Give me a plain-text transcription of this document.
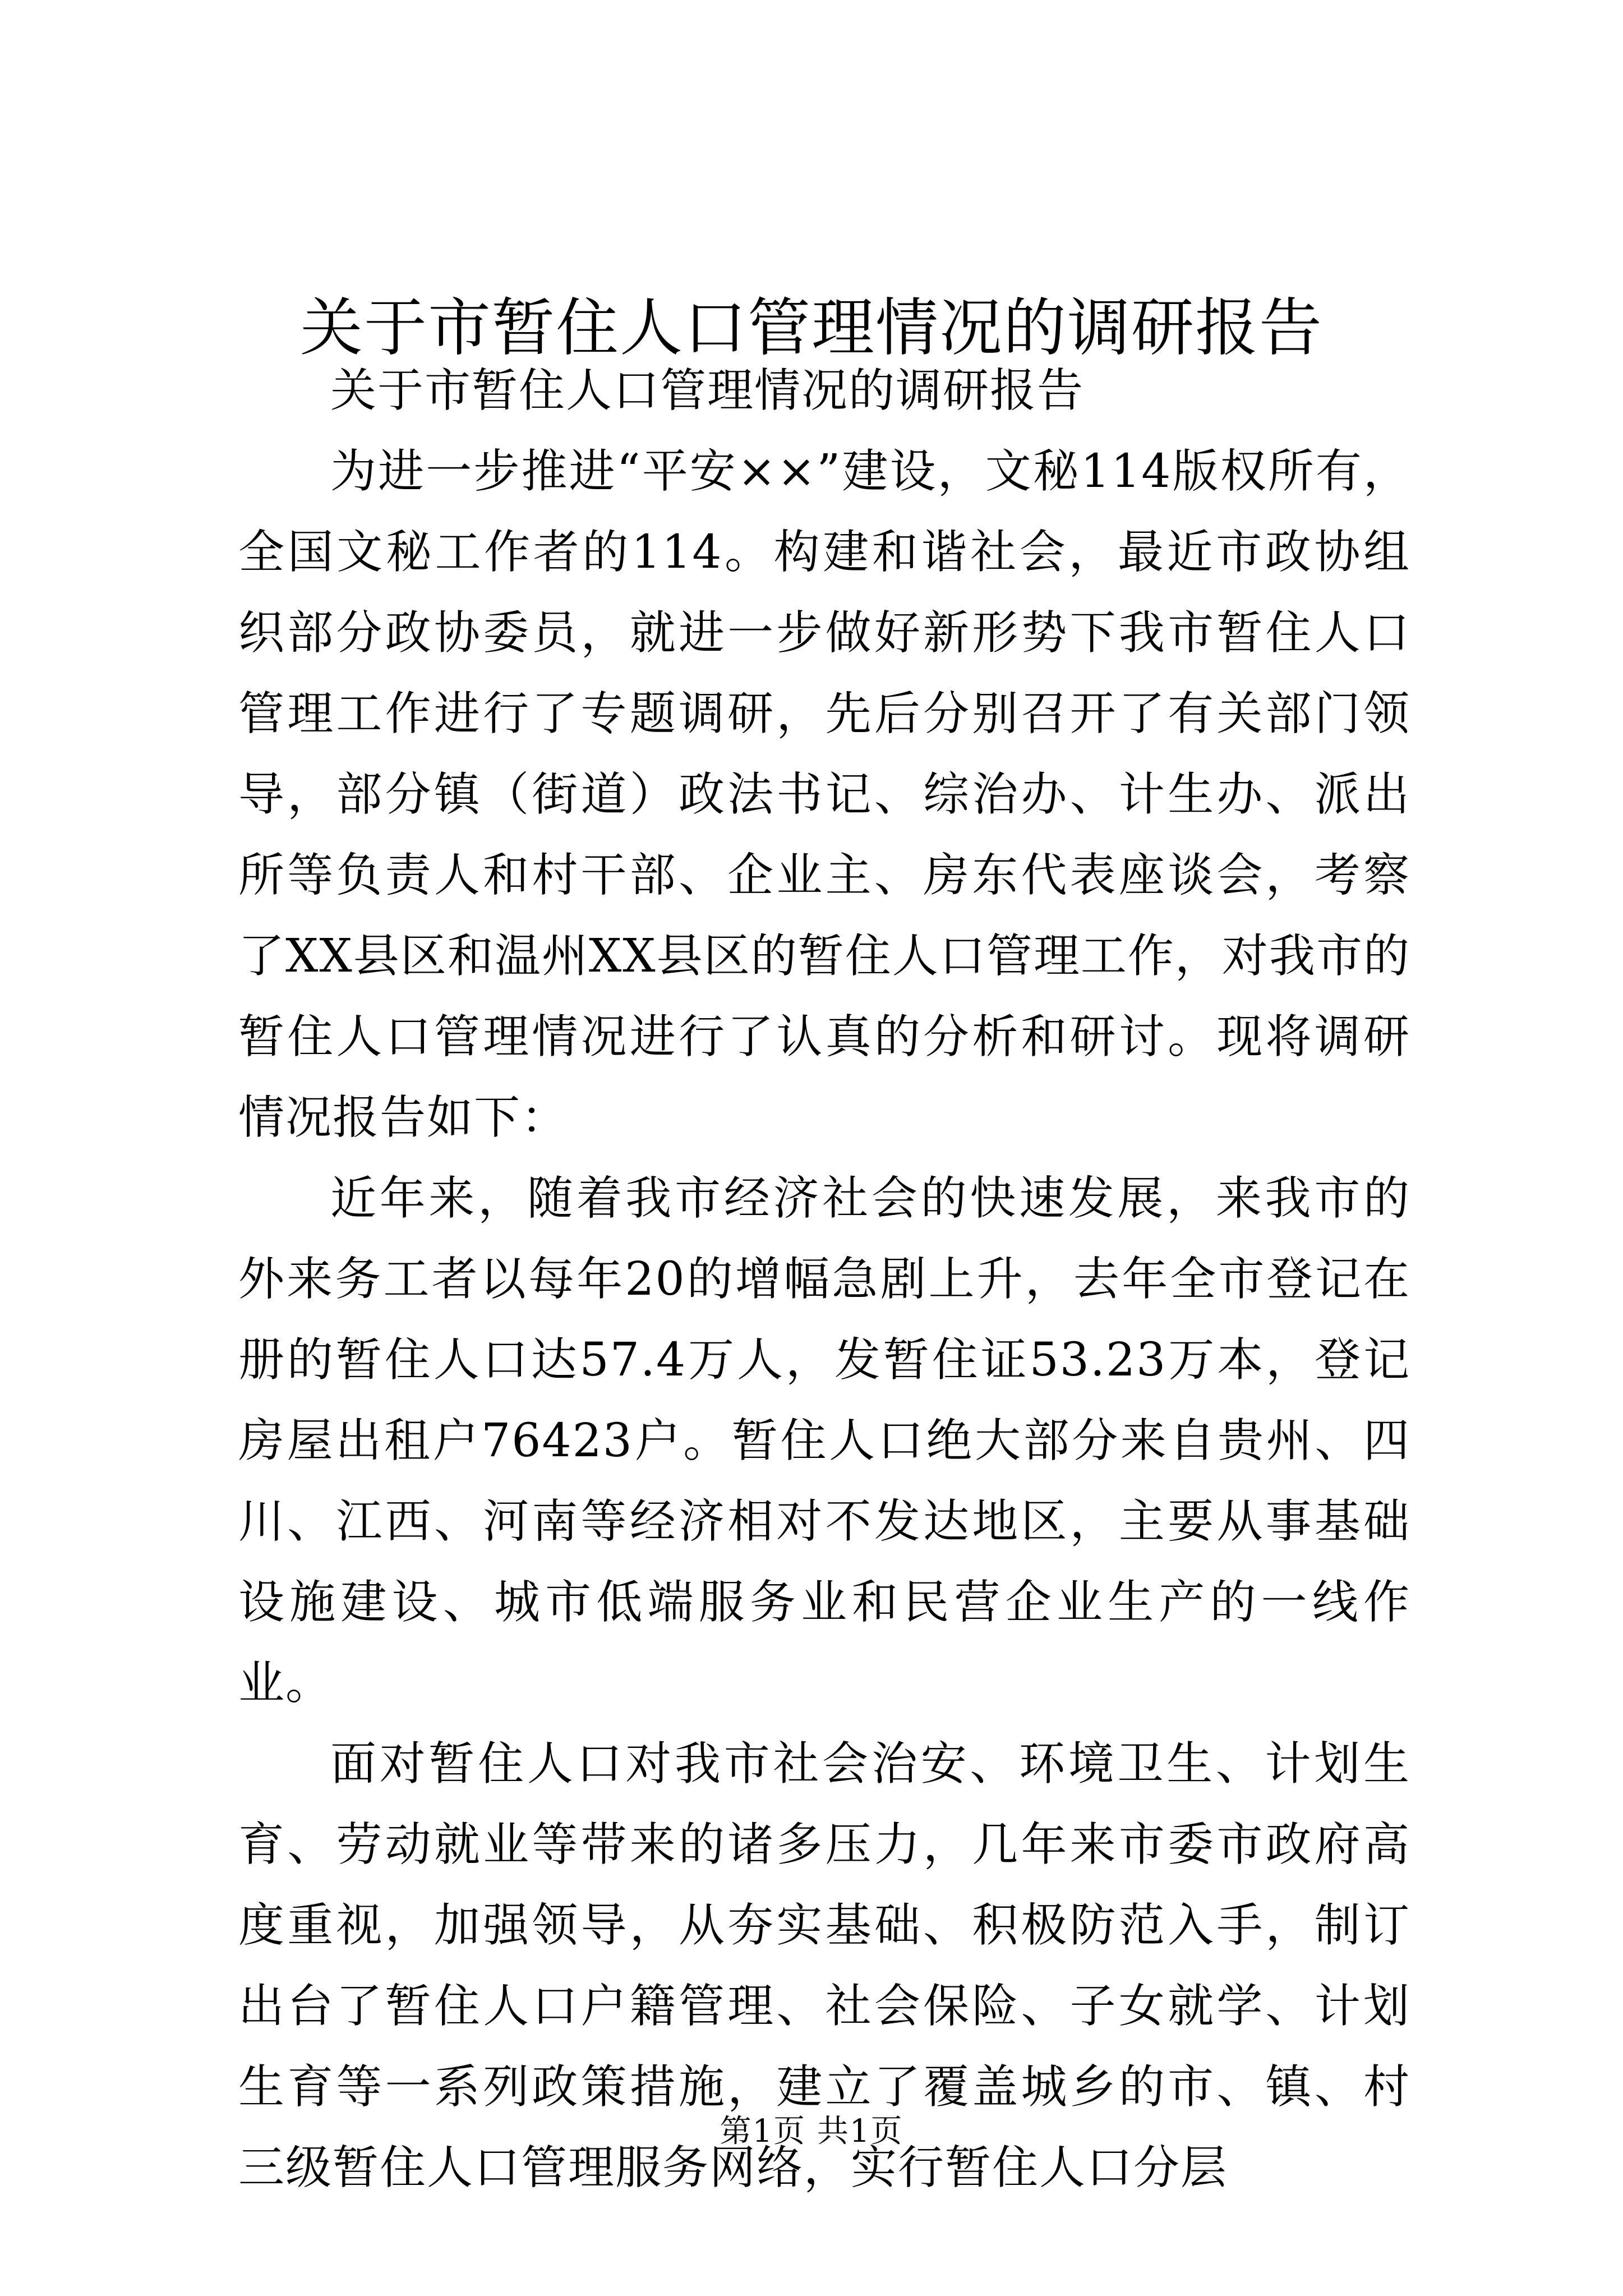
关于市暂住人口管理情况的调研报告

关于市暂住人口管理情况的调研报告

为进一步推进“平安××”建设，文秘114版权所有，全国文秘工作者的114。构建和谐社会，最近市政协组织部分政协委员，就进一步做好新形势下我市暂住人口管理工作进行了专题调研，先后分别召开了有关部门领导，部分镇（街道）政法书记、综治办、计生办、派出所等负责人和村干部、企业主、房东代表座谈会，考察了XX县区和温州XX县区的暂住人口管理工作，对我市的暂住人口管理情况进行了认真的分析和研讨。现将调研情况报告如下：

近年来，随着我市经济社会的快速发展，来我市的外来务工者以每年20的增幅急剧上升，去年全市登记在册的暂住人口达57.4万人，发暂住证53.23万本，登记房屋出租户76423户。暂住人口绝大部分来自贵州、四川、江西、河南等经济相对不发达地区，主要从事基础设施建设、城市低端服务业和民营企业生产的一线作业。

面对暂住人口对我市社会治安、环境卫生、计划生育、劳动就业等带来的诸多压力，几年来市委市政府高度重视，加强领导，从夯实基础、积极防范入手，制订出台了暂住人口户籍管理、社会保险、子女就学、计划生育等一系列政策措施，建立了覆盖城乡的市、镇、村三级暂住人口管理服务网络，实行暂住人口分层

第1页 共1页
